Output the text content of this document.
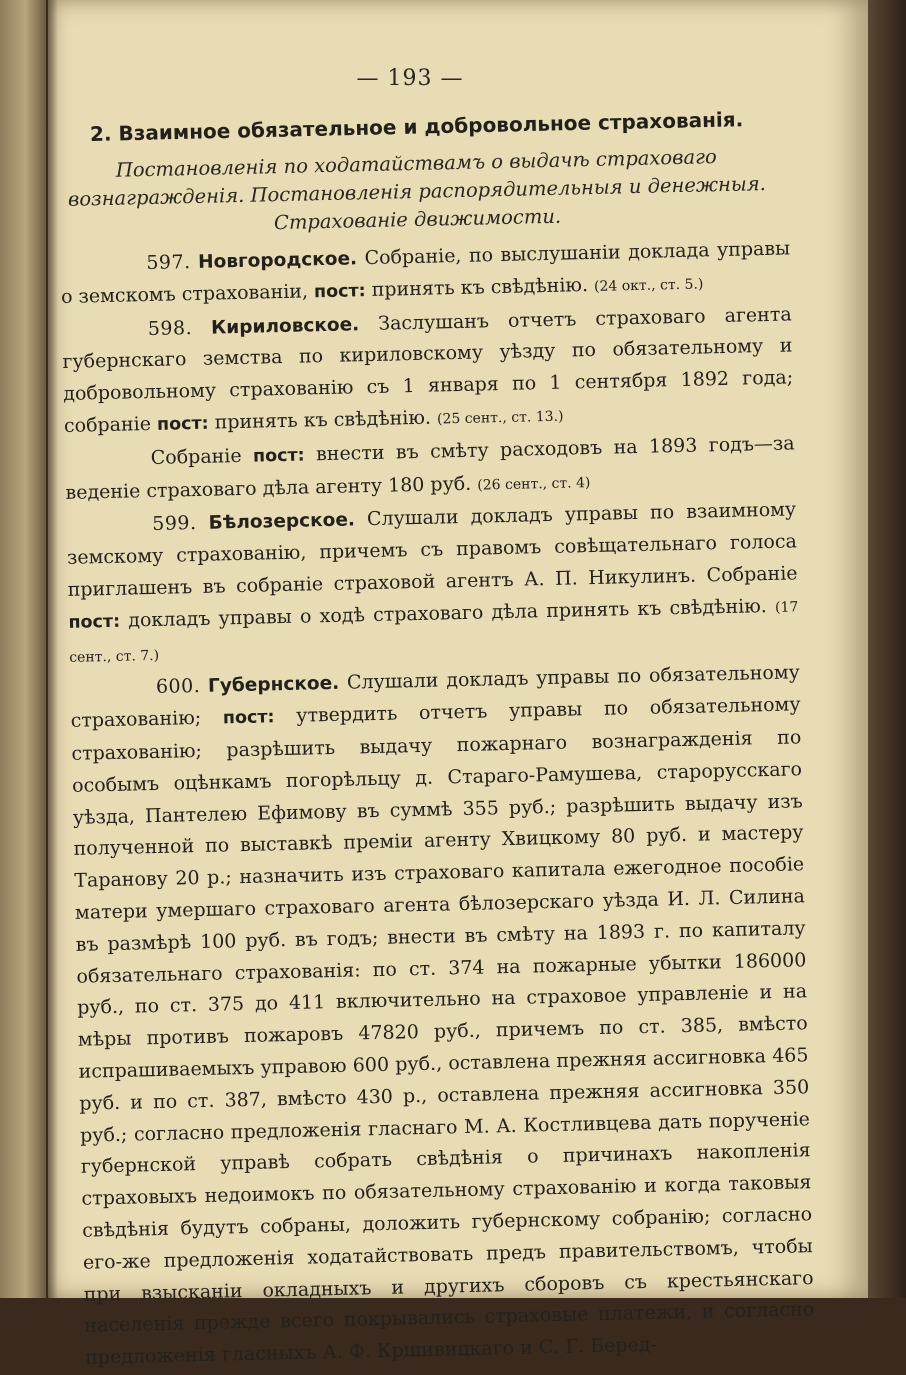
— 193 —
2. Взаимное обязательное и добровольное страхованія.
Постановленія по ходатайствамъ о выдачѣ страховаго вознагражденія. Постановленія распорядительныя и денежныя. Страхованіе движимости.

597. Новгородское. Собраніе, по выслушаніи доклада управы о земскомъ страхованіи, пост: принять къ свѣдѣнію. (24 окт., ст. 5.)

598. Кириловское. Заслушанъ отчетъ страховаго агента губернскаго земства по кириловскому уѣзду по обязательному и добровольному страхованію съ 1 января по 1 сентября 1892 года; собраніе пост: принять къ свѣдѣнію. (25 сент., ст. 13.)

Собраніе пост: внести въ смѣту расходовъ на 1893 годъ—за веденіе страховаго дѣла агенту 180 руб. (26 сент., ст. 4)

599. Бѣлозерское. Слушали докладъ управы по взаимному земскому страхованію, причемъ съ правомъ совѣщательнаго голоса приглашенъ въ собраніе страховой агентъ А. П. Никулинъ. Собраніе пост: докладъ управы о ходѣ страховаго дѣла принять къ свѣдѣнію. (17 сент., ст. 7.)

600. Губернское. Слушали докладъ управы по обязательному страхованію; пост: утвердить отчетъ управы по обязательному страхованію; разрѣшить выдачу пожарнаго вознагражденія по особымъ оцѣнкамъ погорѣльцу д. Стараго-Рамушева, старорусскаго уѣзда, Пантелею Ефимову въ суммѣ 355 руб.; разрѣшить выдачу изъ полученной по выставкѣ преміи агенту Хвицкому 80 руб. и мастеру Таранову 20 р.; назначить изъ страховаго капитала ежегодное пособіе матери умершаго страховаго агента бѣлозерскаго уѣзда И. Л. Силина въ размѣрѣ 100 руб. въ годъ; внести въ смѣту на 1893 г. по капиталу обязательнаго страхованія: по ст. 374 на пожарные убытки 186000 руб., по ст. 375 до 411 включительно на страховое управленіе и на мѣры противъ пожаровъ 47820 руб., причемъ по ст. 385, вмѣсто испрашиваемыхъ управою 600 руб., оставлена прежняя ассигновка 465 руб. и по ст. 387, вмѣсто 430 р., оставлена прежняя ассигновка 350 руб.; согласно предложенія гласнаго М. А. Костливцева дать порученіе губернской управѣ собрать свѣдѣнія о причинахъ накопленія страховыхъ недоимокъ по обязательному страхованію и когда таковыя свѣдѣнія будутъ собраны, доложить губернскому собранію; согласно его-же предложенія ходатайствовать предъ правительствомъ, чтобы при взысканіи окладныхъ и другихъ сборовъ съ крестьянскаго населенія прежде всего покрывались страховые платежи, и согласно предложенія гласныхъ А. Ф. Кршивицкаго и С. Г. Беред-
